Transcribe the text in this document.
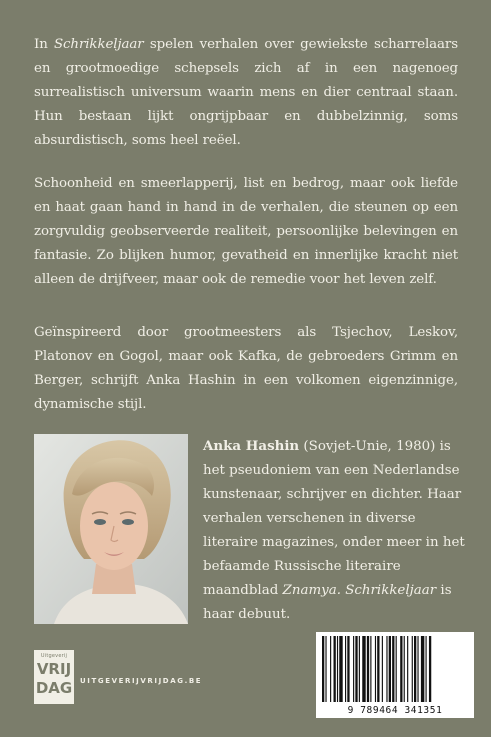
In Schrikkeljaar spelen verhalen over gewiekste scharrelaars en grootmoedige schepsels zich af in een nagenoeg surrealistisch universum waarin mens en dier centraal staan. Hun bestaan lijkt ongrijpbaar en dubbelzinnig, soms absurdistisch, soms heel reëel.

Schoonheid en smeerlapperij, list en bedrog, maar ook liefde en haat gaan hand in hand in de verhalen, die steunen op een zorgvuldig geobserveerde realiteit, persoonlijke belevingen en fantasie. Zo blijken humor, gevatheid en innerlijke kracht niet alleen de drijfveer, maar ook de remedie voor het leven zelf.

Geïnspireerd door grootmeesters als Tsjechov, Leskov, Platonov en Gogol, maar ook Kafka, de gebroeders Grimm en Berger, schrijft Anka Hashin in een volkomen eigenzinnige, dynamische stijl.

Anka Hashin (Sovjet-Unie, 1980) is het pseudoniem van een Nederlandse kunstenaar, schrijver en dichter. Haar verhalen verschenen in diverse literaire magazines, onder meer in het befaamde Russische literaire maandblad Znamya. Schrikkeljaar is haar debuut.

Uitgeverij
VRIJ
DAG UITGEVERIJVRIJDAG.BE
9 789464 341351
